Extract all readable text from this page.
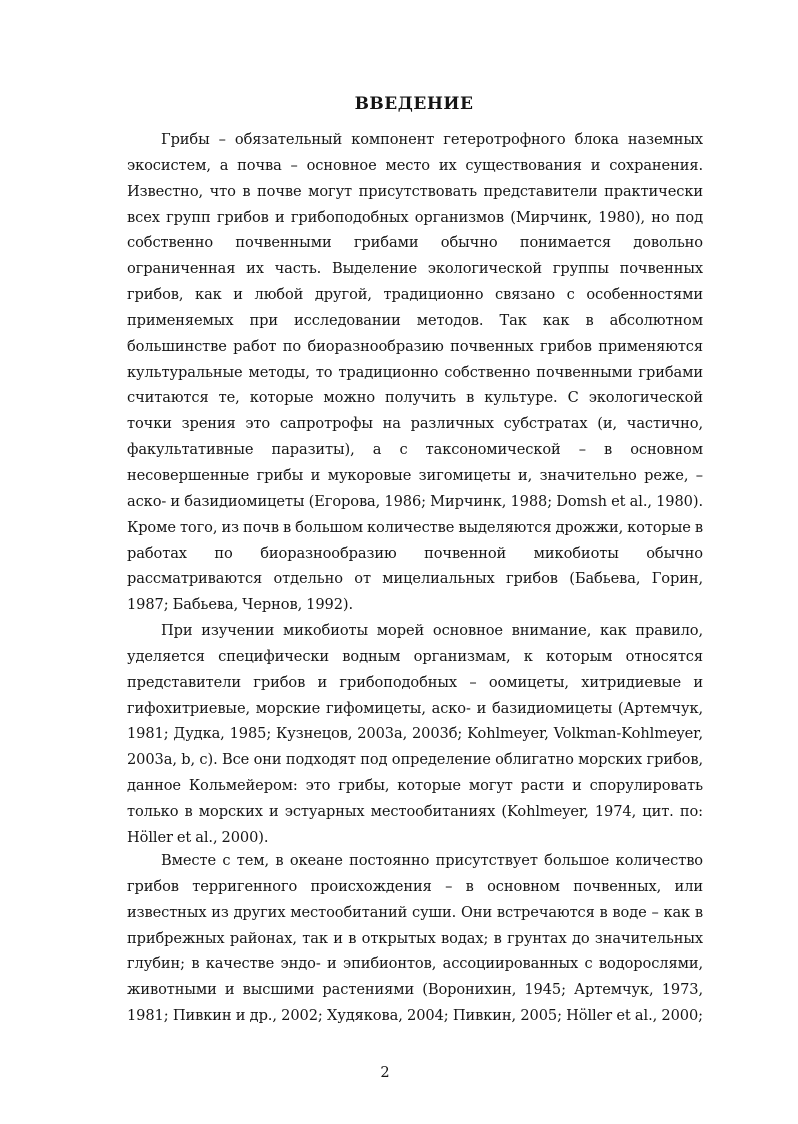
ВВЕДЕНИЕ

Грибы – обязательный компонент гетеротрофного блока наземных экосистем, а почва – основное место их существования и сохранения. Известно, что в почве могут присутствовать представители практически всех групп грибов и грибоподобных организмов (Мирчинк, 1980), но под собственно почвенными грибами обычно понимается довольно ограниченная их часть. Выделение экологической группы почвенных грибов, как и любой другой, традиционно связано с особенностями применяемых при исследовании методов. Так как в абсолютном большинстве работ по биоразнообразию почвенных грибов применяются культуральные методы, то традиционно собственно почвенными грибами считаются те, которые можно получить в культуре. С экологической точки зрения это сапротрофы на различных субстратах (и, частично, факультативные паразиты), а с таксономической – в основном несовершенные грибы и мукоровые зигомицеты и, значительно реже, – аско- и базидиомицеты (Егорова, 1986; Мирчинк, 1988; Domsh et al., 1980). Кроме того, из почв в большом количестве выделяются дрожжи, которые в работах по биоразнообразию почвенной микобиоты обычно рассматриваются отдельно от мицелиальных грибов (Бабьева, Горин, 1987; Бабьева, Чернов, 1992).

При изучении микобиоты морей основное внимание, как правило, уделяется специфически водным организмам, к которым относятся представители грибов и грибоподобных – оомицеты, хитридиевые и гифохитриевые, морские гифомицеты, аско- и базидиомицеты (Артемчук, 1981; Дудка, 1985; Кузнецов, 2003а, 2003б; Kohlmeyer, Volkman-Kohlmeyer, 2003а, b, c). Все они подходят под определение облигатно морских грибов, данное Кольмейером: это грибы, которые могут расти и спорулировать только в морских и эстуарных местообитаниях (Kohlmeyer, 1974, цит. по: Höller et al., 2000).

Вместе с тем, в океане постоянно присутствует большое количество грибов терригенного происхождения – в основном почвенных, или известных из других местообитаний суши. Они встречаются в воде – как в прибрежных районах, так и в открытых водах; в грунтах до значительных глубин; в качестве эндо- и эпибионтов, ассоциированных с водорослями, животными и высшими растениями (Воронихин, 1945; Артемчук, 1973, 1981; Пивкин и др., 2002; Худякова, 2004; Пивкин, 2005; Höller et al., 2000;

2
